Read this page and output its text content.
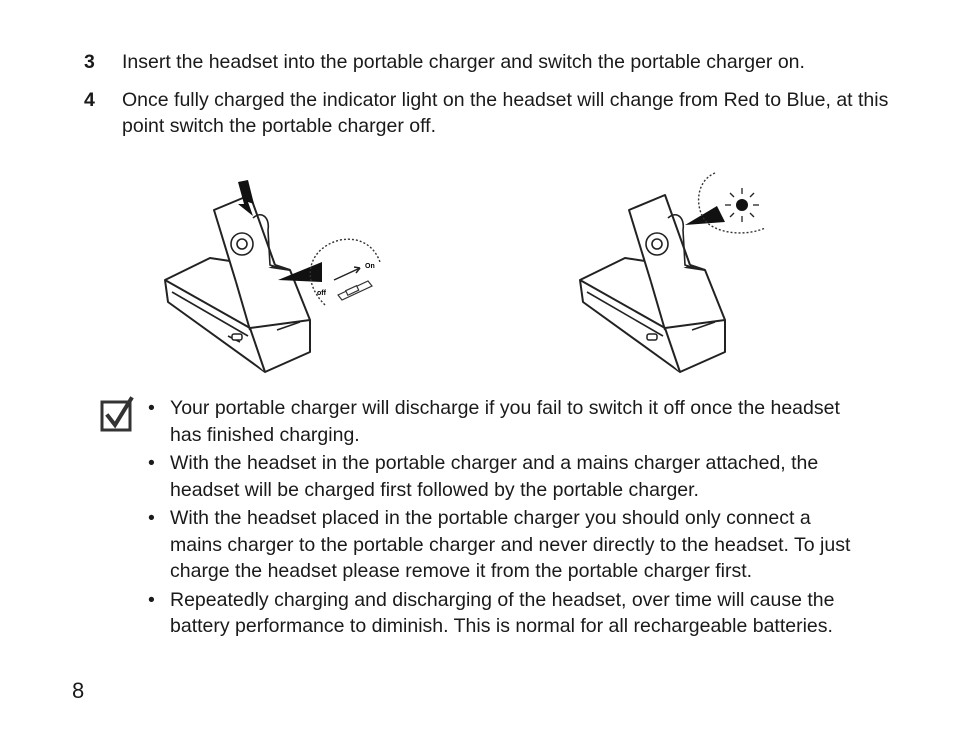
3 Insert the headset into the portable charger and switch the portable charger on.
4 Once fully charged the indicator light on the headset will change from Red to Blue, at this point switch the portable charger off.
On
off
• Your portable charger will discharge if you fail to switch it off once the headset has finished charging.
• With the headset in the portable charger and a mains charger attached, the headset will be charged first followed by the portable charger.
• With the headset placed in the portable charger you should only connect a mains charger to the portable charger and never directly to the headset. To just charge the headset please remove it from the portable charger first.
• Repeatedly charging and discharging of the headset, over time will cause the battery performance to diminish. This is normal for all rechargeable batteries.
8
